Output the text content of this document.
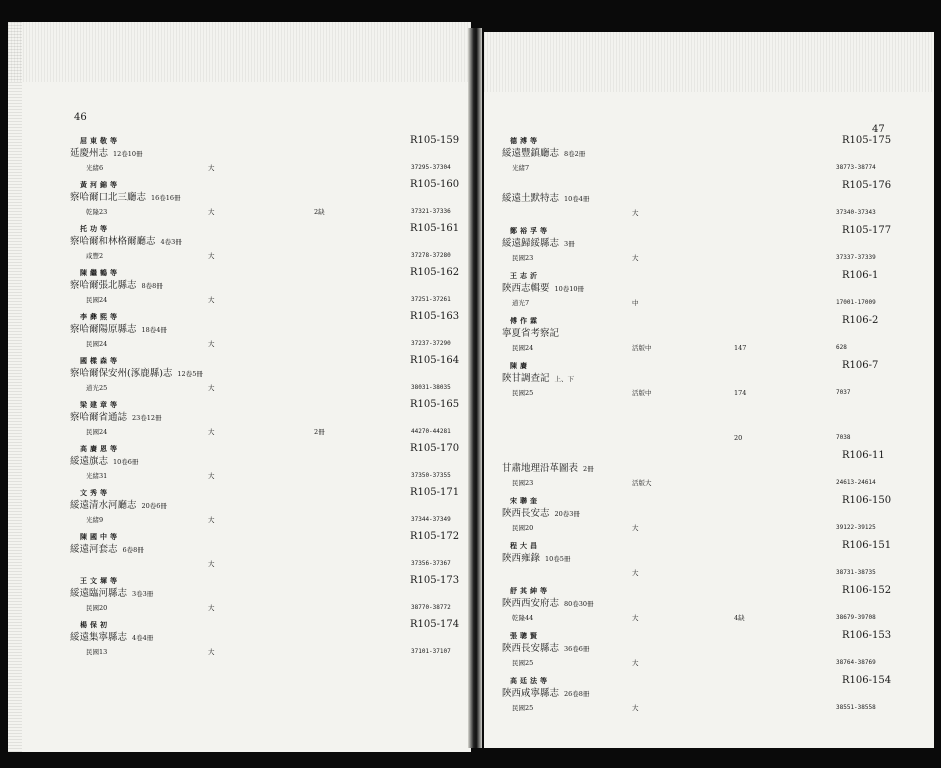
46
屈東敬等
延慶州志 12卷10冊
R105-159
光緒6	大	37295-37304
黃河錦等
察哈爾口北三廳志 16卷16冊
R105-160
乾隆23	大	2缺	37321-37336
托功等
察哈爾和林格爾廳志 4卷3冊
R105-161
咸豐2	大	37278-37280
陳繼鶴等
察哈爾張北縣志 8卷8冊
R105-162
民國24	大	37251-37261
李彝熙等
察哈爾陽原縣志 18卷4冊
R105-163
民國24	大	37237-37290
國樑森等
察哈爾保安州(涿鹿縣)志 12卷5冊
R105-164
道光25	大	38031-38035
梁建章等
察哈爾省通誌 23卷12冊
R105-165
民國24	大	2冊	44270-44281
高賡恩等
綏遠旗志 10卷6冊
R105-170
光緒31	大	37350-37355
文秀等
綏遠清水河廳志 20卷6冊
R105-171
光緒9	大	37344-37349
陳國中等
綏遠河套志 6卷8冊
R105-172
大	37356-37367
王文墀等
綏遠臨河縣志 3卷3冊
R105-173
民國20	大	38770-38772
楊保初
綏遠集寧縣志 4卷4冊
R105-174
民國13	大	37101-37107
47
德溥等
綏遠豐鎮廳志 8卷2冊
R105-175
光緒7	38773-38774
綏遠土默特志 10卷4冊
R105-176
大	37340-37343
鄭裕孚等
綏遠歸綏縣志 3冊
R105-177
民國23	大	37337-37339
王志沂
陝西志輯要 10卷10冊
R106-1
道光7	中	17001-17009
傅作霖
寧夏省考察記
R106-2
民國24	活版中	147	628
陳賡
陝甘調查記 上、下
R106-7
民國25	活版中	174	7037
20	7038
甘肅地理沿革圖表 2冊
R106-11
民國23	活版大	24613-24614
宋聯奎
陝西長安志 20卷3冊
R106-150
民國20	大	39122-39125
程大昌
陝西雍錄 10卷5冊
R106-151
大	38731-38735
舒其紳等
陝西西安府志 80卷30冊
R106-152
乾隆44	大	4缺	38679-39708
張聰賢
陝西長安縣志 36卷6冊
R106-153
民國25	大	38764-38769
高廷法等
陝西咸寧縣志 26卷8冊
R106-154
民國25	大	38551-38558
